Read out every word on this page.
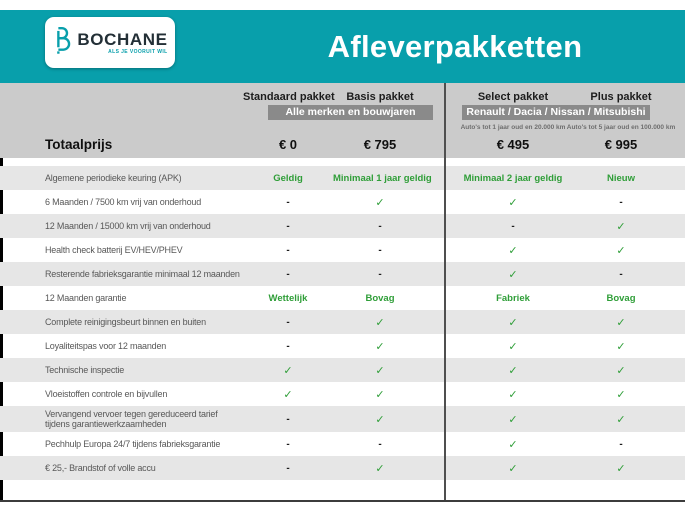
BOCHANE
ALS JE VOORUIT WIL	Afleverpakketten
Standaard pakket	Basis pakket	Select pakket	Plus pakket
Alle merken en bouwjaren	Renault / Dacia / Nissan / Mitsubishi
Auto's tot 1 jaar oud en 20.000 km Auto's tot 5 jaar oud en 100.000 km
Totaalprijs	€ 0	€ 795	€ 495	€ 995
Algemene periodieke keuring (APK)	Geldig	Minimaal 1 jaar geldig	Minimaal 2 jaar geldig	Nieuw
6 Maanden / 7500 km vrij van onderhoud	-	✓	✓	-
12 Maanden / 15000 km vrij van onderhoud	-	-	-	✓
Health check batterij EV/HEV/PHEV	-	-	✓	✓
Resterende fabrieksgarantie minimaal 12 maanden	-	-	✓	-
12 Maanden garantie	Wettelijk	Bovag	Fabriek	Bovag
Complete reinigingsbeurt binnen en buiten	-	✓	✓	✓
Loyaliteitspas voor 12 maanden	-	✓	✓	✓
Technische inspectie	✓	✓	✓	✓
Vloeistoffen controle en bijvullen	✓	✓	✓	✓
Vervangend vervoer tegen gereduceerd tarief
tijdens garantiewerkzaamheden	-	✓	✓	✓
Pechhulp Europa 24/7 tijdens fabrieksgarantie	-	-	✓	-
€ 25,- Brandstof of volle accu	-	✓	✓	✓
